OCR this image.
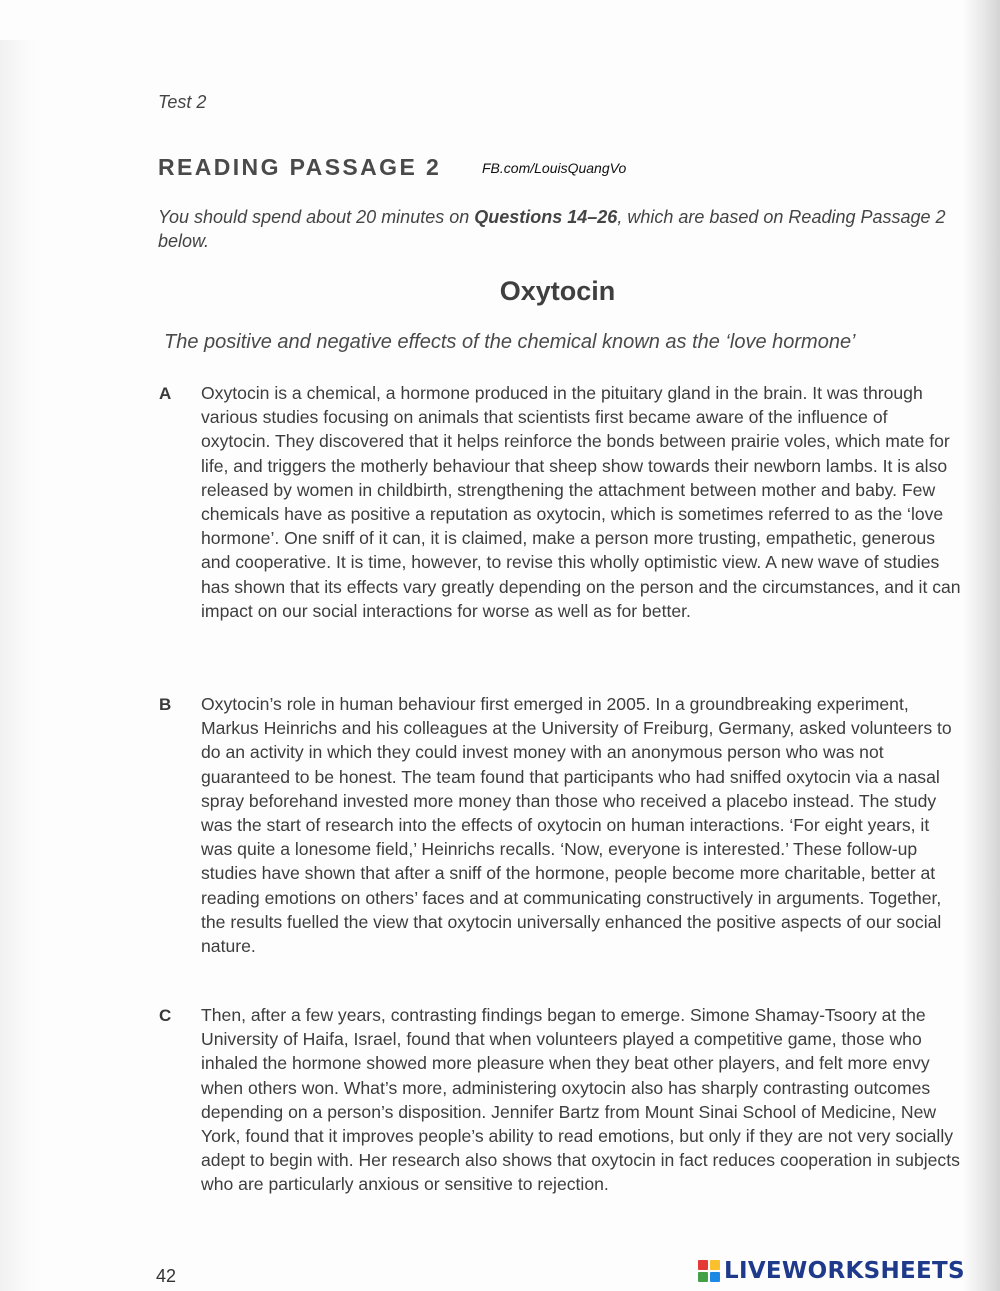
Test 2
READING PASSAGE 2	FB.com/LouisQuangVo
You should spend about 20 minutes on Questions 14–26, which are based on Reading Passage 2 below.
Oxytocin
The positive and negative effects of the chemical known as the ‘love hormone’
A Oxytocin is a chemical, a hormone produced in the pituitary gland in the brain. It was through various studies focusing on animals that scientists first became aware of the influence of oxytocin. They discovered that it helps reinforce the bonds between prairie voles, which mate for life, and triggers the motherly behaviour that sheep show towards their newborn lambs. It is also released by women in childbirth, strengthening the attachment between mother and baby. Few chemicals have as positive a reputation as oxytocin, which is sometimes referred to as the ‘love hormone’. One sniff of it can, it is claimed, make a person more trusting, empathetic, generous and cooperative. It is time, however, to revise this wholly optimistic view. A new wave of studies has shown that its effects vary greatly depending on the person and the circumstances, and it can impact on our social interactions for worse as well as for better.
B Oxytocin’s role in human behaviour first emerged in 2005. In a groundbreaking experiment, Markus Heinrichs and his colleagues at the University of Freiburg, Germany, asked volunteers to do an activity in which they could invest money with an anonymous person who was not guaranteed to be honest. The team found that participants who had sniffed oxytocin via a nasal spray beforehand invested more money than those who received a placebo instead. The study was the start of research into the effects of oxytocin on human interactions. ‘For eight years, it was quite a lonesome field,’ Heinrichs recalls. ‘Now, everyone is interested.’ These follow-up studies have shown that after a sniff of the hormone, people become more charitable, better at reading emotions on others’ faces and at communicating constructively in arguments. Together, the results fuelled the view that oxytocin universally enhanced the positive aspects of our social nature.
C Then, after a few years, contrasting findings began to emerge. Simone Shamay-Tsoory at the University of Haifa, Israel, found that when volunteers played a competitive game, those who inhaled the hormone showed more pleasure when they beat other players, and felt more envy when others won. What’s more, administering oxytocin also has sharply contrasting outcomes depending on a person’s disposition. Jennifer Bartz from Mount Sinai School of Medicine, New York, found that it improves people’s ability to read emotions, but only if they are not very socially adept to begin with. Her research also shows that oxytocin in fact reduces cooperation in subjects who are particularly anxious or sensitive to rejection.
42	LIVEWORKSHEETS
